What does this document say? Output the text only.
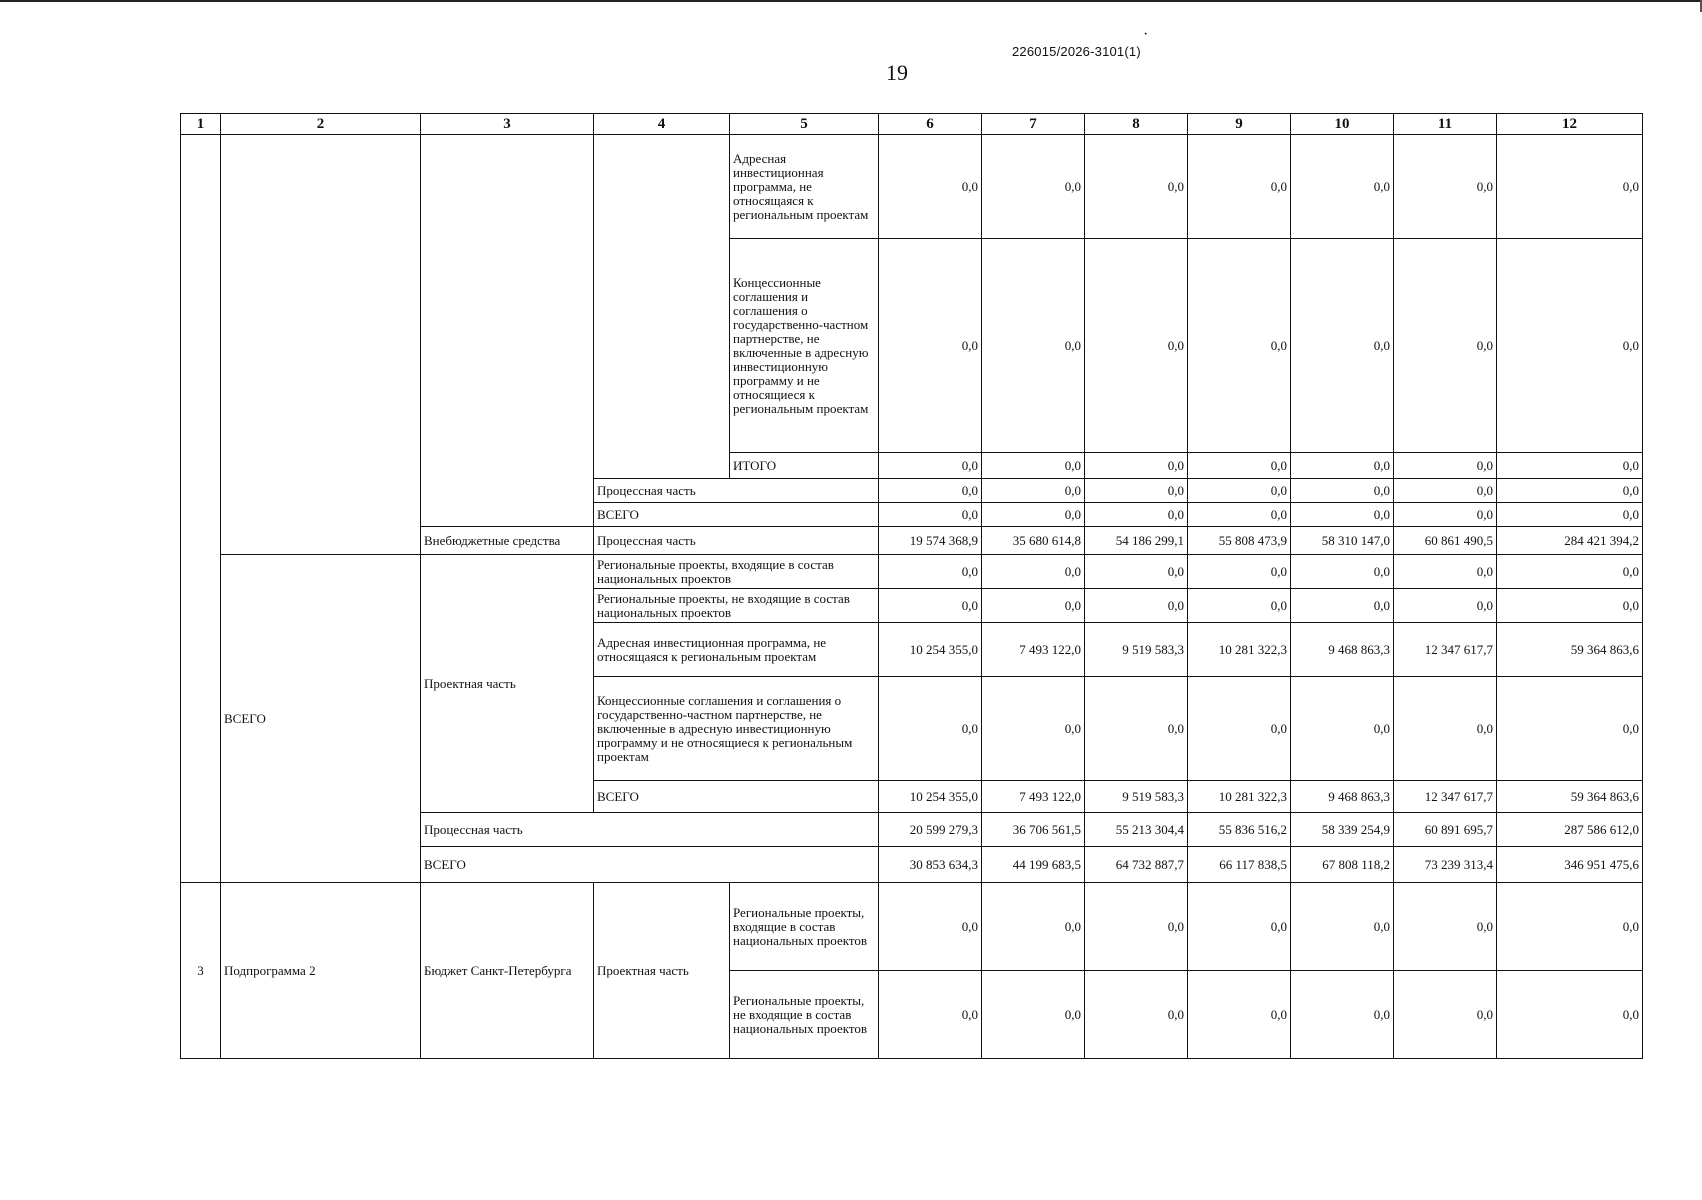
·
226015/2026-3101(1)
19
1	2	3	4	5	6	7	8	9	10	11	12
				Адресная инвестиционная программа, не относящаяся к региональным проектам	0,0	0,0	0,0	0,0	0,0	0,0	0,0
				Концессионные соглашения и соглашения о государственно-частном партнерстве, не включенные в адресную инвестиционную программу и не относящиеся к региональным проектам	0,0	0,0	0,0	0,0	0,0	0,0	0,0
				ИТОГО	0,0	0,0	0,0	0,0	0,0	0,0	0,0
			Процессная часть		0,0	0,0	0,0	0,0	0,0	0,0	0,0
			ВСЕГО		0,0	0,0	0,0	0,0	0,0	0,0	0,0
		Внебюджетные средства	Процессная часть		19 574 368,9	35 680 614,8	54 186 299,1	55 808 473,9	58 310 147,0	60 861 490,5	284 421 394,2
	ВСЕГО	Проектная часть	Региональные проекты, входящие в состав национальных проектов		0,0	0,0	0,0	0,0	0,0	0,0	0,0
			Региональные проекты, не входящие в состав национальных проектов		0,0	0,0	0,0	0,0	0,0	0,0	0,0
			Адресная инвестиционная программа, не относящаяся к региональным проектам		10 254 355,0	7 493 122,0	9 519 583,3	10 281 322,3	9 468 863,3	12 347 617,7	59 364 863,6
			Концессионные соглашения и соглашения о государственно-частном партнерстве, не включенные в адресную инвестиционную программу и не относящиеся к региональным проектам		0,0	0,0	0,0	0,0	0,0	0,0	0,0
			ВСЕГО		10 254 355,0	7 493 122,0	9 519 583,3	10 281 322,3	9 468 863,3	12 347 617,7	59 364 863,6
		Процессная часть			20 599 279,3	36 706 561,5	55 213 304,4	55 836 516,2	58 339 254,9	60 891 695,7	287 586 612,0
		ВСЕГО			30 853 634,3	44 199 683,5	64 732 887,7	66 117 838,5	67 808 118,2	73 239 313,4	346 951 475,6
3	Подпрограмма 2	Бюджет Санкт-Петербурга	Проектная часть	Региональные проекты, входящие в состав национальных проектов	0,0	0,0	0,0	0,0	0,0	0,0	0,0
				Региональные проекты, не входящие в состав национальных проектов	0,0	0,0	0,0	0,0	0,0	0,0	0,0
